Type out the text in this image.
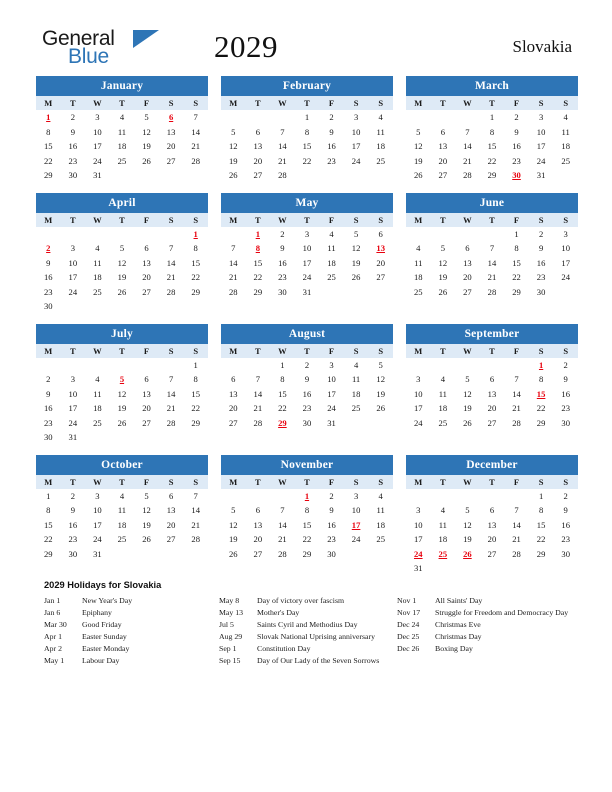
General
Blue	2029	Slovakia
January
M	T	W	T	F	S	S
1	2	3	4	5	6	7
8	9	10	11	12	13	14
15	16	17	18	19	20	21
22	23	24	25	26	27	28
29	30	31				
February
M	T	W	T	F	S	S
			1	2	3	4
5	6	7	8	9	10	11
12	13	14	15	16	17	18
19	20	21	22	23	24	25
26	27	28				
March
M	T	W	T	F	S	S
			1	2	3	4
5	6	7	8	9	10	11
12	13	14	15	16	17	18
19	20	21	22	23	24	25
26	27	28	29	30	31	
April
M	T	W	T	F	S	S
						1
2	3	4	5	6	7	8
9	10	11	12	13	14	15
16	17	18	19	20	21	22
23	24	25	26	27	28	29
30						
May
M	T	W	T	F	S	S
	1	2	3	4	5	6
7	8	9	10	11	12	13
14	15	16	17	18	19	20
21	22	23	24	25	26	27
28	29	30	31			
June
M	T	W	T	F	S	S
				1	2	3
4	5	6	7	8	9	10
11	12	13	14	15	16	17
18	19	20	21	22	23	24
25	26	27	28	29	30	
July
M	T	W	T	F	S	S
						1
2	3	4	5	6	7	8
9	10	11	12	13	14	15
16	17	18	19	20	21	22
23	24	25	26	27	28	29
30	31					
August
M	T	W	T	F	S	S
		1	2	3	4	5
6	7	8	9	10	11	12
13	14	15	16	17	18	19
20	21	22	23	24	25	26
27	28	29	30	31		
September
M	T	W	T	F	S	S
					1	2
3	4	5	6	7	8	9
10	11	12	13	14	15	16
17	18	19	20	21	22	23
24	25	26	27	28	29	30
October
M	T	W	T	F	S	S
1	2	3	4	5	6	7
8	9	10	11	12	13	14
15	16	17	18	19	20	21
22	23	24	25	26	27	28
29	30	31				
November
M	T	W	T	F	S	S
			1	2	3	4
5	6	7	8	9	10	11
12	13	14	15	16	17	18
19	20	21	22	23	24	25
26	27	28	29	30		
December
M	T	W	T	F	S	S
					1	2
3	4	5	6	7	8	9
10	11	12	13	14	15	16
17	18	19	20	21	22	23
24	25	26	27	28	29	30
31						
2029 Holidays for Slovakia
Jan 1	New Year's Day
Jan 6	Epiphany
Mar 30	Good Friday
Apr 1	Easter Sunday
Apr 2	Easter Monday
May 1	Labour Day
May 8	Day of victory over fascism
May 13	Mother's Day
Jul 5	Saints Cyril and Methodius Day
Aug 29	Slovak National Uprising anniversary
Sep 1	Constitution Day
Sep 15	Day of Our Lady of the Seven Sorrows
Nov 1	All Saints' Day
Nov 17	Struggle for Freedom and Democracy Day
Dec 24	Christmas Eve
Dec 25	Christmas Day
Dec 26	Boxing Day
